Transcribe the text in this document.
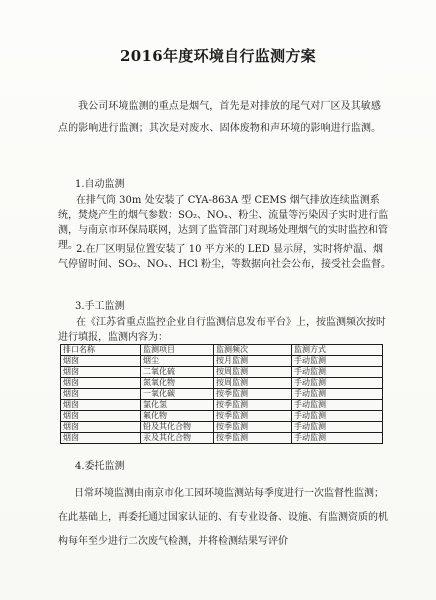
2016年度环境自行监测方案
我公司环境监测的重点是烟气，首先是对排放的尾气对厂区及其敏感点的影响进行监测；其次是对废水、固体废物和声环境的影响进行监测。
1.自动监测
在排气筒 30m 处安装了 CYA-863A 型 CEMS 烟气排放连续监测系统，焚烧产生的烟气参数：SO₂、NOₓ、粉尘、流量等污染因子实时进行监测，与南京市环保局联网，达到了监管部门对现场处理烟气的实时监控和管理。
2.在厂区明显位置安装了 10 平方米的 LED 显示屏，实时将炉温、烟气停留时间、SO₂、NOₓ、HCl 粉尘，等数据向社会公布，接受社会监督。
3.手工监测
在《江苏省重点监控企业自行监测信息发布平台》上，按监测频次按时进行填报，监测内容为：
排口名称	监测项目	监测频次	监测方式
烟囱	烟尘	按月监测	手动监测
烟囱	二氧化硫	按周监测	手动监测
烟囱	氮氧化物	按周监测	手动监测
烟囱	一氧化碳	按季监测	手动监测
烟囱	氯化氢	按季监测	手动监测
烟囱	氟化物	按季监测	手动监测
烟囱	铅及其化合物	按季监测	手动监测
烟囱	汞及其化合物	按季监测	手动监测
4.委托监测
日常环境监测由南京市化工园环境监测站每季度进行一次监督性监测；在此基础上，再委托通过国家认证的、有专业设备、设施、有监测资质的机构每年至少进行二次废气检测，并将检测结果写评价
